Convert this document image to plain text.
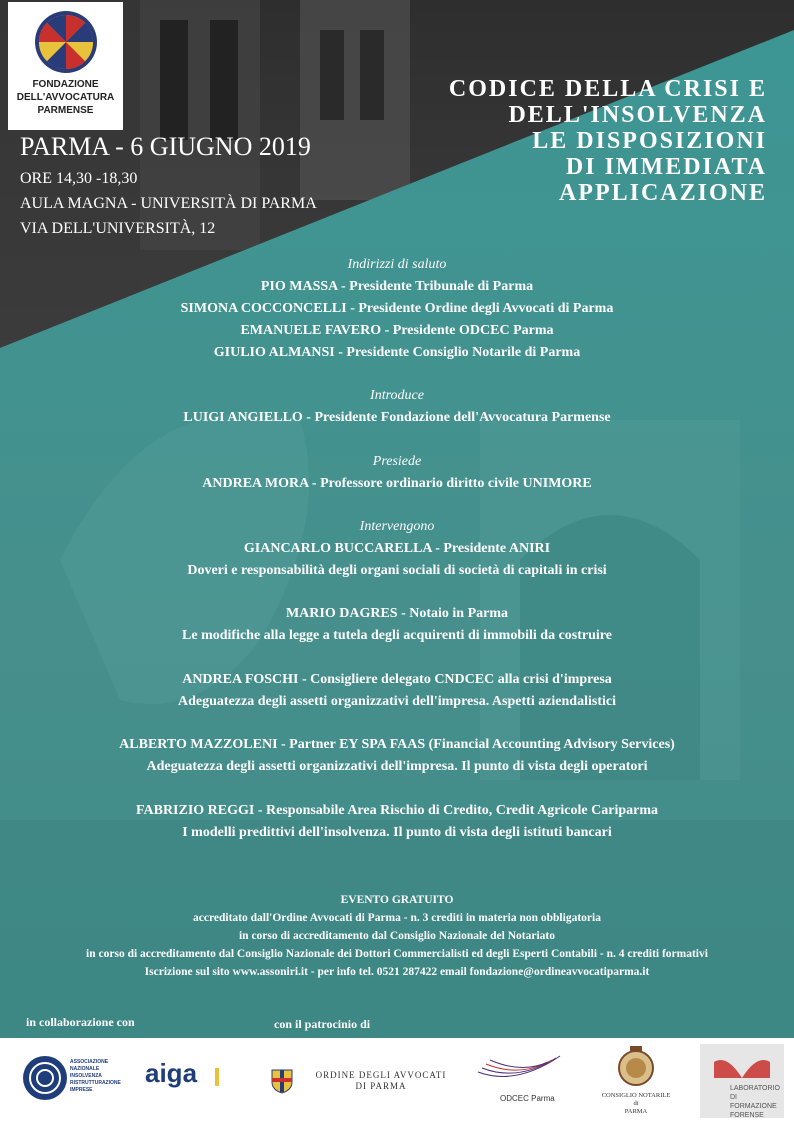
FONDAZIONE
DELL'AVVOCATURA
PARMENSE
PARMA - 6 GIUGNO 2019
ORE 14,30 -18,30
AULA MAGNA - UNIVERSITÀ DI PARMA
VIA DELL'UNIVERSITÀ, 12
CODICE DELLA CRISI E
DELL'INSOLVENZA
LE DISPOSIZIONI
DI IMMEDIATA
APPLICAZIONE
Indirizzi di saluto
PIO MASSA - Presidente Tribunale di Parma
SIMONA COCCONCELLI - Presidente Ordine degli Avvocati di Parma
EMANUELE FAVERO - Presidente ODCEC Parma
GIULIO ALMANSI - Presidente Consiglio Notarile di Parma
Introduce
LUIGI ANGIELLO - Presidente Fondazione dell'Avvocatura Parmense
Presiede
ANDREA MORA - Professore ordinario diritto civile UNIMORE
Intervengono
GIANCARLO BUCCARELLA - Presidente ANIRI
Doveri e responsabilità degli organi sociali di società di capitali in crisi
MARIO DAGRES - Notaio in Parma
Le modifiche alla legge a tutela degli acquirenti di immobili da costruire
ANDREA FOSCHI - Consigliere delegato CNDCEC alla crisi d'impresa
Adeguatezza degli assetti organizzativi dell'impresa. Aspetti aziendalistici
ALBERTO MAZZOLENI - Partner EY SPA FAAS (Financial Accounting Advisory Services)
Adeguatezza degli assetti organizzativi dell'impresa. Il punto di vista degli operatori
FABRIZIO REGGI - Responsabile Area Rischio di Credito, Credit Agricole Cariparma
I modelli predittivi dell'insolvenza. Il punto di vista degli istituti bancari
EVENTO GRATUITO
accreditato dall'Ordine Avvocati di Parma - n. 3 crediti in materia non obbligatoria
in corso di accreditamento dal Consiglio Nazionale del Notariato
in corso di accreditamento dal Consiglio Nazionale dei Dottori Commercialisti ed degli Esperti Contabili - n. 4 crediti formativi
Iscrizione sul sito www.assoniri.it - per info tel. 0521 287422 email fondazione@ordineavvocatiparma.it
in collaborazione con	con il patrocinio di
ASSOCIAZIONE
NAZIONALE
INSOLVENZA
RISTRUTTURAZIONE
IMPRESE
aiga	ORDINE DEGLI AVVOCATI
DI PARMA
ODCEC Parma	CONSIGLIO NOTARILE
di
PARMA
LABORATORIO DI
FORMAZIONE
FORENSE
